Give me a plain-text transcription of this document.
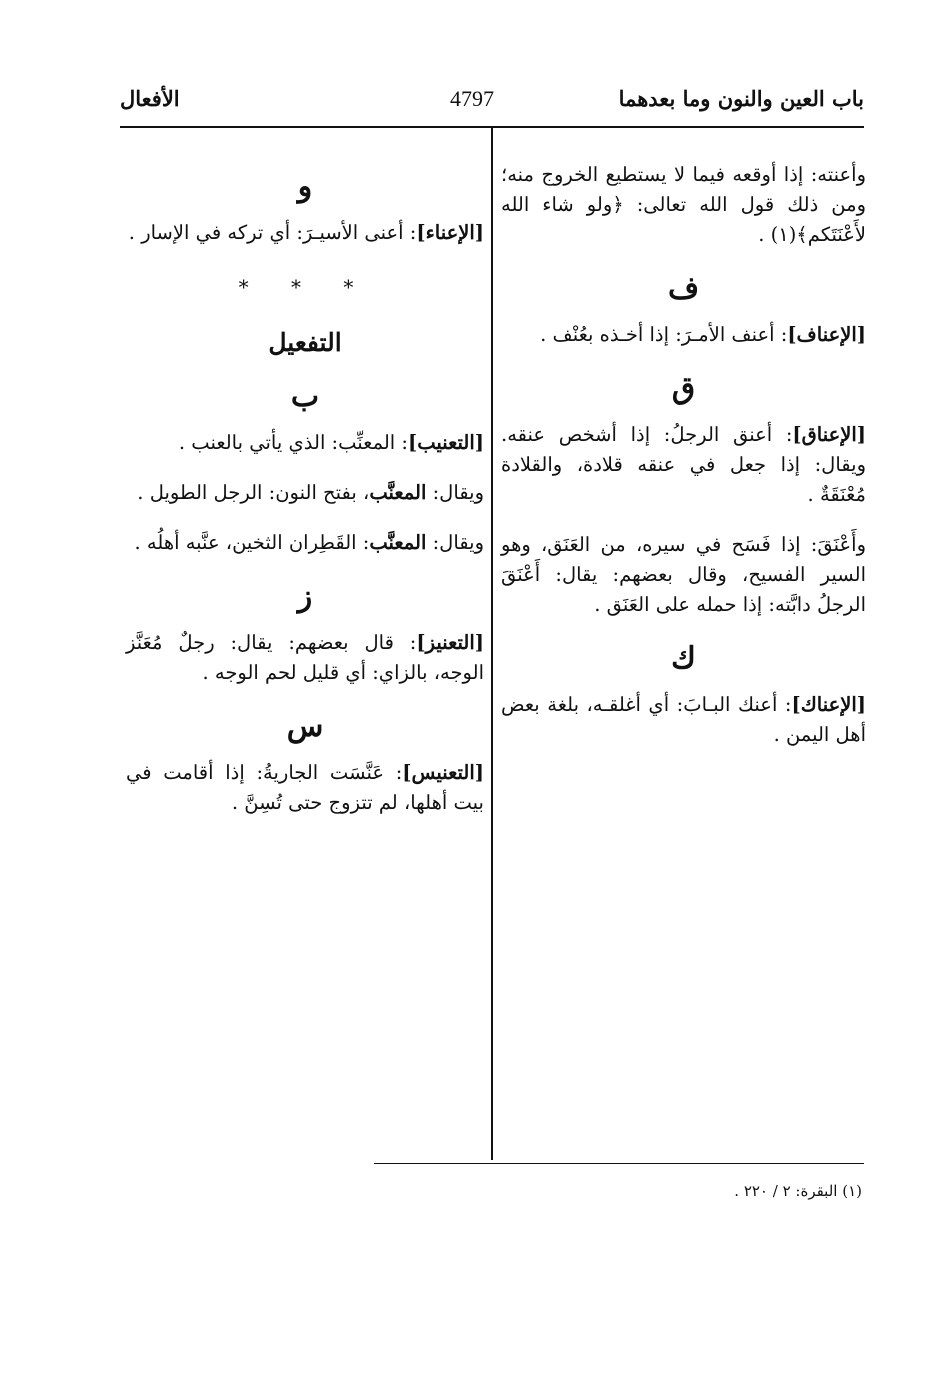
باب العين والنون وما بعدهما
4797
الأفعال

وأعنته: إذا أوقعه فيما لا يستطيع الخروج منه؛ ومن ذلك قول الله تعالى: ﴿ولو شاء الله لأَعْنَتَكم﴾(١) .

ف

[الإعناف]: أعنف الأمـرَ: إذا أخـذه بعُنْف .

ق

[الإعناق]: أعنق الرجلُ: إذا أشخص عنقه. ويقال: إذا جعل في عنقه قلادة، والقلادة مُعْنَقَةٌ .

وأَعْنَقَ: إذا فَسَح في سيره، من العَنَق، وهو السير الفسيح، وقال بعضهم: يقال: أَعْنَقَ الرجلُ دابَّته: إذا حمله على العَنَق .

ك

[الإعناك]: أعنك البـابَ: أي أغلقـه، بلغة بعض أهل اليمن .

و

[الإعناء]: أعنى الأسيـرَ: أي تركه في الإسار .

* * *
التفعيل
ب

[التعنيب]: المعنِّب: الذي يأتي بالعنب .

ويقال: المعنَّب، بفتح النون: الرجل الطويل .

ويقال: المعنَّب: القَطِران الثخين، عنَّبه أهلُه .

ز

[التعنيز]: قال بعضهم: يقال: رجلٌ مُعَنَّز الوجه، بالزاي: أي قليل لحم الوجه .

س

[التعنيس]: عَنَّسَت الجاريةُ: إذا أقامت في بيت أهلها، لم تتزوج حتى تُسِنَّ .

(١) البقرة: ٢ / ٢٢٠ .
